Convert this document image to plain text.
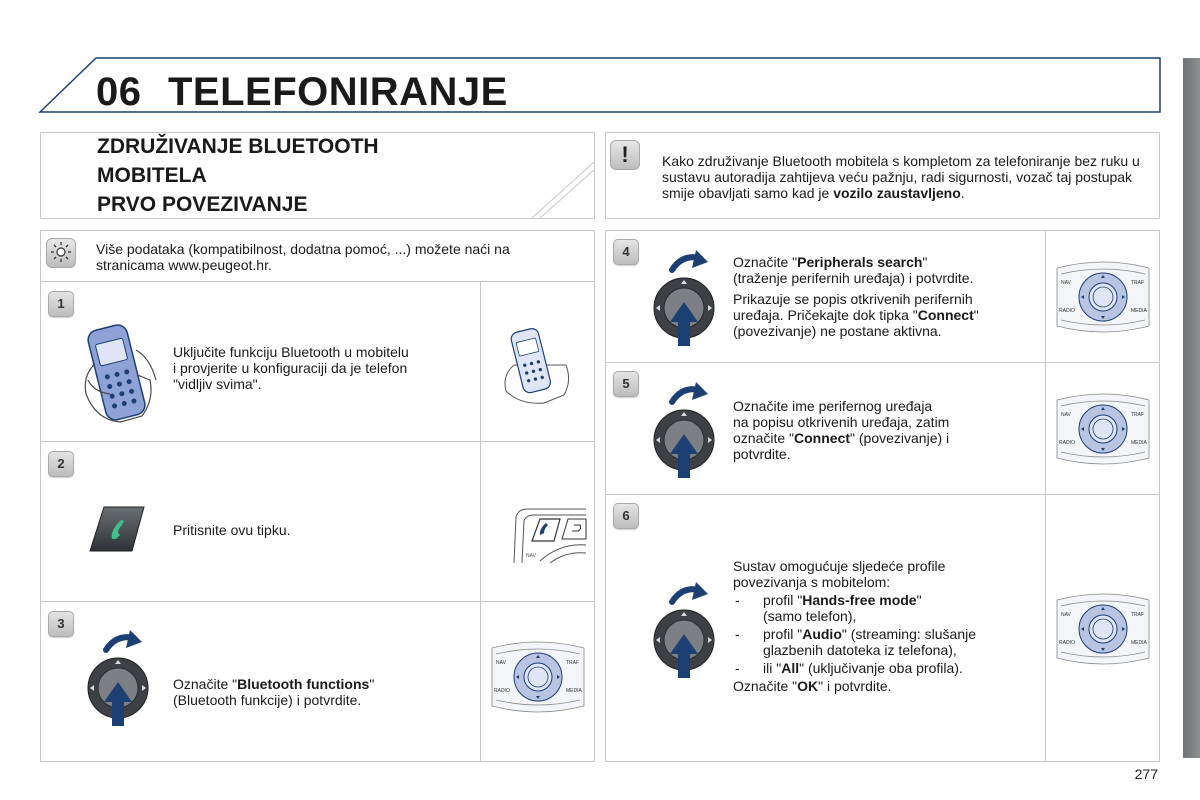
06 TELEFONIRANJE
ZDRUŽIVANJE BLUETOOTH
MOBITELA
PRVO POVEZIVANJE
!	Kako združivanje Bluetooth mobitela s kompletom za telefoniranje bez ruku u sustavu autoradija zahtijeva veću pažnju, radi sigurnosti, vozač taj postupak smije obavljati samo kad je vozilo zaustavljeno.
Više podataka (kompatibilnost, dodatna pomoć, ...) možete naći na
stranicama www.peugeot.hr.
1
Uključite funkciju Bluetooth u mobitelu
i provjerite u konfiguraciji da je telefon
"vidljiv svima".
2
Pritisnite ovu tipku.
NAV
3
Označite "Bluetooth functions"
(Bluetooth funkcije) i potvrdite.
NAV	TRAF
RADIO	MEDIA
4
Označite "Peripherals search"
(traženje perifernih uređaja) i potvrdite.
Prikazuje se popis otkrivenih perifernih
uređaja. Pričekajte dok tipka "Connect"
(povezivanje) ne postane aktivna.
NAV	TRAF
RADIO	MEDIA
5
Označite ime perifernog uređaja
na popisu otkrivenih uređaja, zatim
označite "Connect" (povezivanje) i
potvrdite.
NAV	TRAF
RADIO	MEDIA
6
Sustav omogućuje sljedeće profile
povezivanja s mobitelom:
- profil "Hands-free mode"
(samo telefon),
- profil "Audio" (streaming: slušanje
glazbenih datoteka iz telefona),
- ili "All" (uključivanje oba profila).
Označite "OK" i potvrdite.
NAV	TRAF
RADIO	MEDIA
277
